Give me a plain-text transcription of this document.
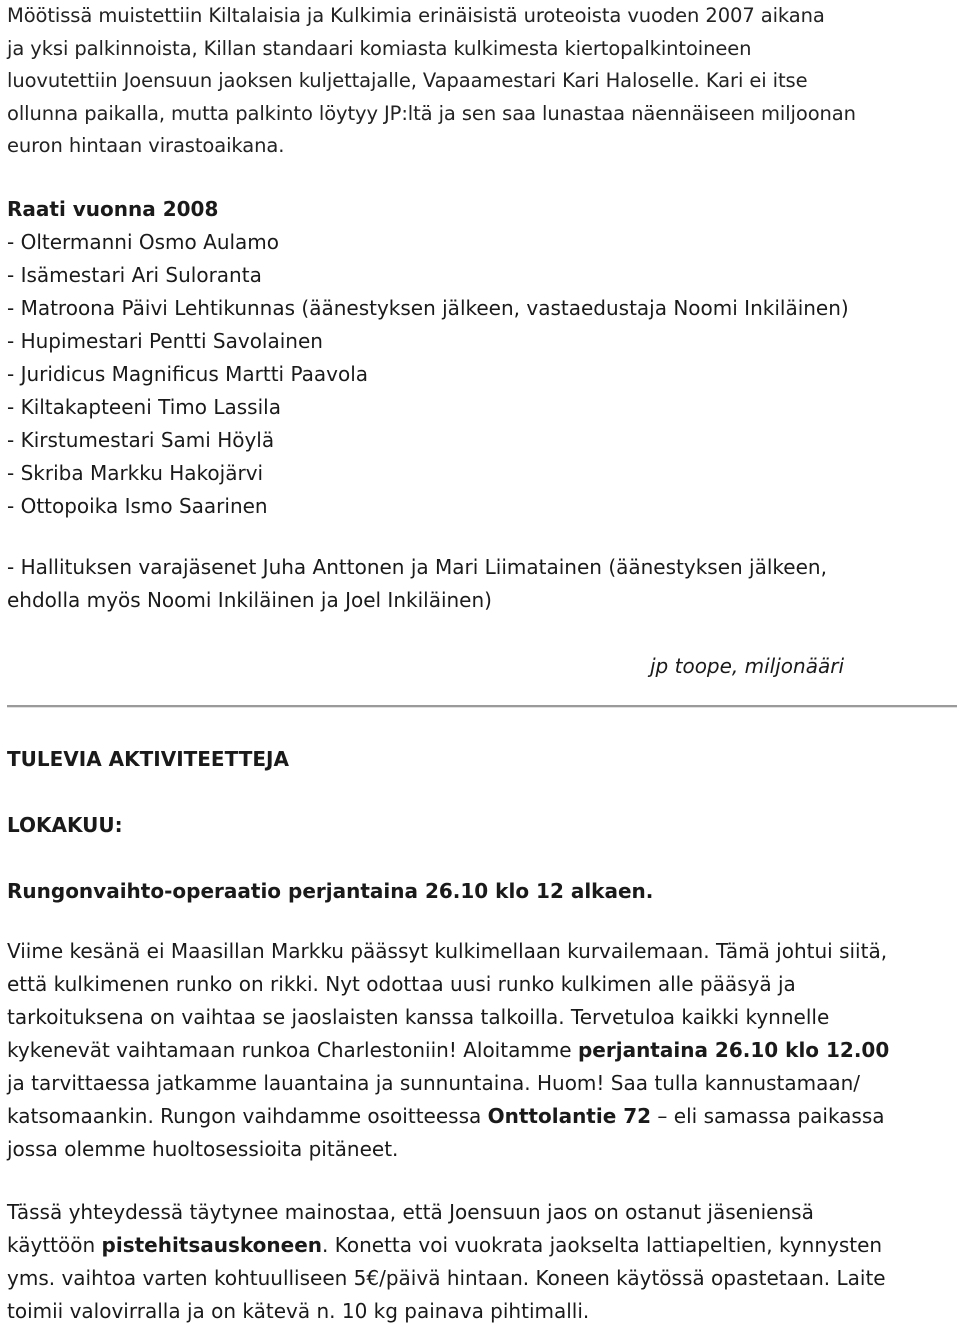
Möötissä muistettiin Kiltalaisia ja Kulkimia erinäisistä uroteoista vuoden 2007 aikana
ja yksi palkinnoista, Killan standaari komiasta kulkimesta kiertopalkintoineen
luovutettiin Joensuun jaoksen kuljettajalle, Vapaamestari Kari Haloselle. Kari ei itse
ollunna paikalla, mutta palkinto löytyy JP:ltä ja sen saa lunastaa näennäiseen miljoonan
euron hintaan virastoaikana.
Raati vuonna 2008
- Oltermanni Osmo Aulamo
- Isämestari Ari Suloranta
- Matroona Päivi Lehtikunnas (äänestyksen jälkeen, vastaedustaja Noomi Inkiläinen)
- Hupimestari Pentti Savolainen
- Juridicus Magnificus Martti Paavola
- Kiltakapteeni Timo Lassila
- Kirstumestari Sami Höylä
- Skriba Markku Hakojärvi
- Ottopoika Ismo Saarinen
- Hallituksen varajäsenet Juha Anttonen ja Mari Liimatainen (äänestyksen jälkeen,
ehdolla myös Noomi Inkiläinen ja Joel Inkiläinen)
jp toope, miljonääri
TULEVIA AKTIVITEETTEJA
LOKAKUU:
Rungonvaihto-operaatio perjantaina 26.10 klo 12 alkaen.
Viime kesänä ei Maasillan Markku päässyt kulkimellaan kurvailemaan. Tämä johtui siitä,
että kulkimenen runko on rikki. Nyt odottaa uusi runko kulkimen alle pääsyä ja
tarkoituksena on vaihtaa se jaoslaisten kanssa talkoilla. Tervetuloa kaikki kynnelle
kykenevät vaihtamaan runkoa Charlestoniin! Aloitamme perjantaina 26.10 klo 12.00
ja tarvittaessa jatkamme lauantaina ja sunnuntaina. Huom! Saa tulla kannustamaan/
katsomaankin. Rungon vaihdamme osoitteessa Onttolantie 72 – eli samassa paikassa
jossa olemme huoltosessioita pitäneet.
Tässä yhteydessä täytynee mainostaa, että Joensuun jaos on ostanut jäseniensä
käyttöön pistehitsauskoneen. Konetta voi vuokrata jaokselta lattiapeltien, kynnysten
yms. vaihtoa varten kohtuulliseen 5€/päivä hintaan. Koneen käytössä opastetaan. Laite
toimii valovirralla ja on kätevä n. 10 kg painava pihtimalli.
